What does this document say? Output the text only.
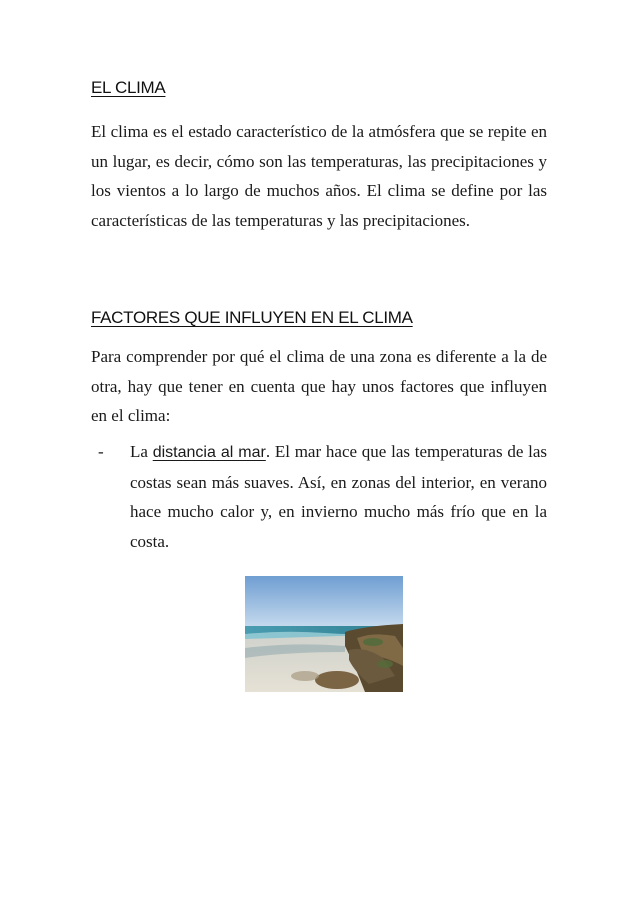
EL CLIMA

El clima es el estado característico de la atmósfera que se repite en un lugar, es decir, cómo son las temperaturas, las precipitaciones y los vientos a lo largo de muchos años. El clima se define por las características de las temperaturas y las precipitaciones.

FACTORES QUE INFLUYEN EN EL CLIMA

Para comprender por qué el clima de una zona es diferente a la de otra, hay que tener en cuenta que hay unos factores que influyen en el clima:

- La distancia al mar. El mar hace que las temperaturas de las costas sean más suaves. Así, en zonas del interior, en verano hace mucho calor y, en invierno mucho más frío que en la costa.
